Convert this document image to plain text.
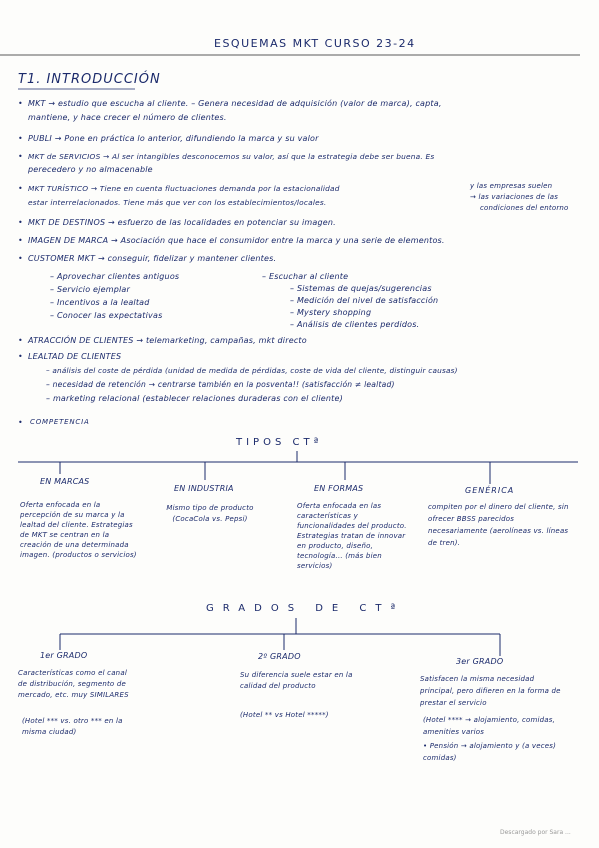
ESQUEMAS MKT CURSO 23-24
T1. INTRODUCCIÓN
• MKT → estudio que escucha al cliente. – Genera necesidad de adquisición (valor de marca), capta,
mantiene, y hace crecer el número de clientes.
• PUBLI → Pone en práctica lo anterior, difundiendo la marca y su valor
• MKT de SERVICIOS → Al ser intangibles desconocemos su valor, así que la estrategia debe ser buena. Es
perecedero y no almacenable
• MKT TURÍSTICO → Tiene en cuenta fluctuaciones demanda por la estacionalidad
estar interrelacionados. Tiene más que ver con los establecimientos/locales.
y las empresas suelen
→ las variaciones de las
condiciones del entorno
• MKT DE DESTINOS → esfuerzo de las localidades en potenciar su imagen.
• IMAGEN DE MARCA → Asociación que hace el consumidor entre la marca y una serie de elementos.
• CUSTOMER MKT → conseguir, fidelizar y mantener clientes.
– Aprovechar clientes antiguos
– Servicio ejemplar
– Incentivos a la lealtad
– Conocer las expectativas
– Escuchar al cliente
– Sistemas de quejas/sugerencias
– Medición del nivel de satisfacción
– Mystery shopping
– Análisis de clientes perdidos.
• ATRACCIÓN DE CLIENTES → telemarketing, campañas, mkt directo
• LEALTAD DE CLIENTES
– análisis del coste de pérdida (unidad de medida de pérdidas, coste de vida del cliente, distinguir causas)
– necesidad de retención → centrarse también en la posventa!! (satisfacción ≠ lealtad)
– marketing relacional (establecer relaciones duraderas con el cliente)
• COMPETENCIA
TIPOS CTª
EN MARCAS
Oferta enfocada en la percepción de su marca y la lealtad del cliente. Estrategias de MKT se centran en la creación de una determinada imagen. (productos o servicios)
EN INDUSTRIA
Mismo tipo de producto (CocaCola vs. Pepsi)
EN FORMAS
Oferta enfocada en las características y funcionalidades del producto. Estrategias tratan de innovar en producto, diseño, tecnología... (más bien servicios)
GENÉRICA
compiten por el dinero del cliente, sin ofrecer BBSS parecidos necesariamente (aerolíneas vs. líneas de tren).
GRADOS DE CTª
1er GRADO
Características como el canal de distribución, segmento de mercado, etc. muy SIMILARES
(Hotel *** vs. otro *** en la misma ciudad)
2º GRADO
Su diferencia suele estar en la calidad del producto
(Hotel ** vs Hotel *****)
3er GRADO
Satisfacen la misma necesidad principal, pero difieren en la forma de prestar el servicio
(Hotel **** → alojamiento, comidas, amenities varios
• Pensión → alojamiento y (a veces) comidas)
Descargado por Sara ...
